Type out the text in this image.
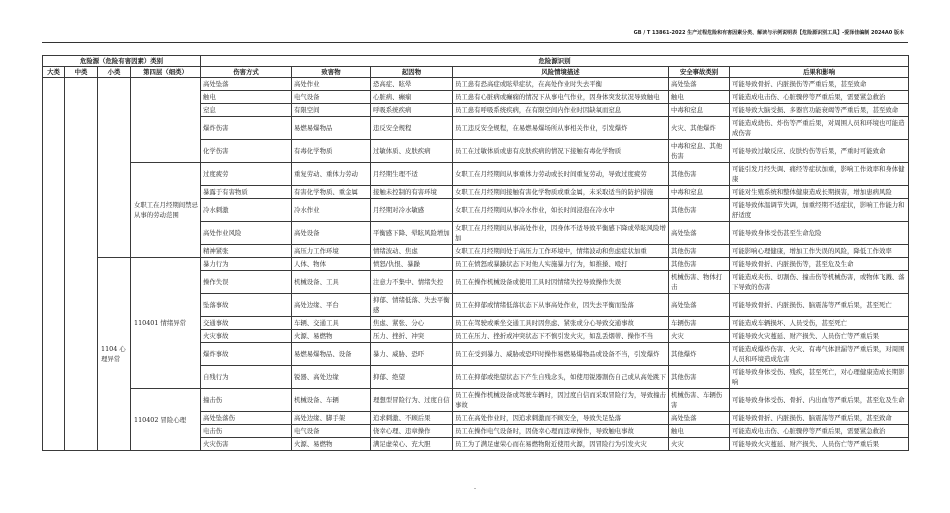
GB / T 13861-2022 生产过程危险和有害因素分类、解读与示例说明表【危险源识别工具】-爱泽佳编制 2024A0 版本
危险源（危险有害因素）类别				危险源识别					
大类	中类	小类	第四层（细类）	伤害方式	致害物	起因物	风险情境描述	安全事故类别	后果和影响
				高处坠落	高处作业	恐高症、眩晕	员工患有恐高症或眩晕症状，在高处作业时失去平衡	高处坠落	可能导致骨折、内脏损伤等严重后果，甚至致命
				触电	电气设备	心脏病、癫痫	员工患有心脏病或癫痫的情况下从事电气作业，因身体突发状况导致触电	触电	可能造成电击伤、心脏骤停等严重后果，需要紧急救治
				窒息	有限空间	呼吸系统疾病	员工患有呼吸系统疾病，在有限空间内作业时因缺氧而窒息	中毒和窒息	可能导致大脑受损、多器官功能衰竭等严重后果，甚至致命
				爆炸伤害	易燃易爆物品	违反安全规程	员工违反安全规程，在易燃易爆场所从事相关作业，引发爆炸	火灾、其他爆炸	可能造成烧伤、炸伤等严重后果，对周围人员和环境也可能造成伤害
				化学伤害	有毒化学物质	过敏体质、皮肤疾病	员工在过敏体质或患有皮肤疾病的情况下接触有毒化学物质	中毒和窒息、其他伤害	可能导致过敏反应、皮肤灼伤等后果，严重时可能致命
			女职工在月经期间禁忌从事的劳动范围	过度疲劳	重复劳动、重体力劳动	月经期生理不适	女职工在月经期间从事重体力劳动或长时间重复劳动，导致过度疲劳	其他伤害	可能引发月经失调、痛经等症状加重，影响工作效率和身体健康
				暴露于有害物质	有害化学物质、重金属	接触未控制的有害环境	女职工在月经期间接触有害化学物质或重金属，未采取适当的防护措施	中毒和窒息	可能对生殖系统和整体健康造成长期损害，增加患病风险
				冷水刺激	冷水作业	月经期对冷水敏感	女职工在月经期间从事冷水作业，如长时间浸泡在冷水中	其他伤害	可能导致体温调节失调，加重经期不适症状，影响工作能力和舒适度
				高处作业风险	高处设备	平衡感下降、晕眩风险增加	女职工在月经期间从事高处作业，因身体不适导致平衡感下降或晕眩风险增加	高处坠落	可能导致身体受伤甚至生命危险
				精神紧张	高压力工作环境	情绪波动、焦虑	女职工在月经期间处于高压力工作环境中，情绪波动和焦虑症状加重	其他伤害	可能影响心理健康，增加工作失误的风险，降低工作效率
		1104 心理异常	110401 情绪异常	暴力行为	人体、物体	愤怒/仇恨、暴躁	员工在愤怒或暴躁状态下对他人实施暴力行为，如推搡、殴打	其他伤害	可能导致骨折、内脏损伤等，甚至危及生命
				操作失误	机械设备、工具	注意力不集中、情绪失控	员工在操作机械设备或使用工具时因情绪失控导致操作失误	机械伤害、物体打击	可能造成夹伤、切割伤、撞击伤等机械伤害，或物体飞溅、落下导致的伤害
				坠落事故	高处边缘、平台	抑郁、情绪低落、失去平衡感	员工在抑郁或情绪低落状态下从事高处作业，因失去平衡而坠落	高处坠落	可能导致骨折、内脏损伤、脑震荡等严重后果，甚至死亡
				交通事故	车辆、交通工具	焦虑、紧张、分心	员工在驾驶或乘坐交通工具时因焦虑、紧张或分心导致交通事故	车辆伤害	可能造成车辆损坏、人员受伤，甚至死亡
				火灾事故	火源、易燃物	压力、挫折、冲突	员工在压力、挫折或冲突状态下不慎引发火灾，如乱丢烟蒂、操作不当	火灾	可能导致火灾蔓延、财产损失、人员伤亡等严重后果
				爆炸事故	易燃易爆物品、设备	暴力、威胁、恐吓	员工在受到暴力、威胁或恐吓时操作易燃易爆物品或设备不当，引发爆炸	其他爆炸	可能造成爆炸伤害、火灾、有毒气体泄漏等严重后果，对周围人员和环境造成危害
				自残行为	锐器、高处边缘	抑郁、绝望	员工在抑郁或绝望状态下产生自残念头，如使用锐器割伤自己或从高处跳下	其他伤害	可能导致身体受伤、残疾，甚至死亡，对心理健康造成长期影响
			110402 冒险心理	撞击伤	机械设备、车辆	理想型冒险行为、过度自信	员工在操作机械设备或驾驶车辆时，因过度自信而采取冒险行为，导致撞击事故	机械伤害、车辆伤害	可能导致身体受伤、骨折、内出血等严重后果，甚至危及生命
				高处坠落伤	高处边缘、脚手架	追求刺激、不顾后果	员工在高处作业时，因追求刺激而不顾安全，导致失足坠落	高处坠落	可能导致骨折、内脏损伤、脑震荡等严重后果，甚至致命
				电击伤	电气设备	侥幸心理、违章操作	员工在操作电气设备时，因侥幸心理而违章操作，导致触电事故	触电	可能造成电击伤、心脏骤停等严重后果，需要紧急救治
				火灾伤害	火源、易燃物	满足虚荣心、充大胆	员工为了满足虚荣心而在易燃物附近使用火源，因冒险行为引发火灾	火灾	可能导致火灾蔓延、财产损失、人员伤亡等严重后果
-
